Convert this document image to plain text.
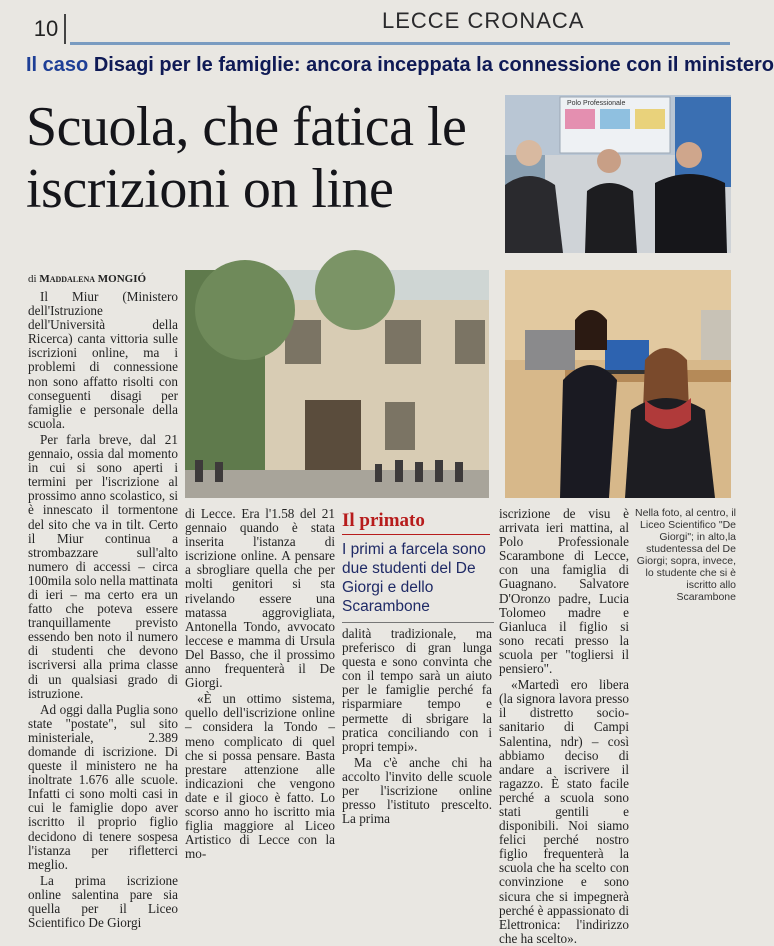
10	LECCE CRONACA
Il caso Disagi per le famiglie: ancora inceppata la connessione con il ministero
Scuola, che fatica le iscrizioni on line
Polo Professionale
di Maddalena MONGIÓ

Il Miur (Ministero dell'Istruzione dell'Università della Ricerca) canta vittoria sulle iscrizioni online, ma i problemi di connessione non sono affatto risolti con conseguenti disagi per famiglie e personale della scuola.

Per farla breve, dal 21 gennaio, ossia dal momento in cui si sono aperti i termini per l'iscrizione al prossimo anno scolastico, si è innescato il tormentone del sito che va in tilt. Certo il Miur continua a strombazzare sull'alto numero di accessi – circa 100mila solo nella mattinata di ieri – ma certo era un fatto che poteva essere tranquillamente previsto essendo ben noto il numero di studenti che devono iscriversi alla prima classe di un qualsiasi grado di istruzione.

Ad oggi dalla Puglia sono state "postate", sul sito ministeriale, 2.389 domande di iscrizione. Di queste il ministero ne ha inoltrate 1.676 alle scuole. Infatti ci sono molti casi in cui le famiglie dopo aver iscritto il proprio figlio decidono di tenere sospesa l'istanza per rifletterci meglio.

La prima iscrizione online salentina pare sia quella per il Liceo Scientifico De Giorgi

di Lecce. Era l'1.58 del 21 gennaio quando è stata inserita l'istanza di iscrizione online. A pensare a sbrogliare quella che per molti genitori si sta rivelando essere una matassa aggrovigliata, Antonella Tondo, avvocato leccese e mamma di Ursula Del Basso, che il prossimo anno frequenterà il De Giorgi.

«È un ottimo sistema, quello dell'iscrizione online – considera la Tondo – meno complicato di quel che si possa pensare. Basta prestare attenzione alle indicazioni che vengono date e il gioco è fatto. Lo scorso anno ho iscritto mia figlia maggiore al Liceo Artistico di Lecce con la mo-

Il primato
I primi a farcela sono due studenti del De Giorgi e dello Scarambone

dalità tradizionale, ma preferisco di gran lunga questa e sono convinta che con il tempo sarà un aiuto per le famiglie perché fa risparmiare tempo e permette di sbrigare la pratica conciliando con i propri tempi».

Ma c'è anche chi ha accolto l'invito delle scuole per l'iscrizione online presso l'istituto prescelto. La prima

iscrizione de visu è arrivata ieri mattina, al Polo Professionale Scarambone di Lecce, con una famiglia di Guagnano. Salvatore D'Oronzo padre, Lucia Tolomeo madre e Gianluca il figlio si sono recati presso la scuola per "togliersi il pensiero".

«Martedì ero libera (la signora lavora presso il distretto socio-sanitario di Campi Salentina, ndr) – così abbiamo deciso di andare a iscrivere il ragazzo. È stato facile perché a scuola sono stati gentili e disponibili. Noi siamo felici perché nostro figlio frequenterà la scuola che ha scelto con convinzione e sono sicura che si impegnerà perché è appassionato di Elettronica: l'indirizzo che ha scelto».

Nella foto, al centro, il Liceo Scientifico "De Giorgi"; in alto,la studentessa del De Giorgi; sopra, invece, lo studente che si è iscritto allo Scarambone
